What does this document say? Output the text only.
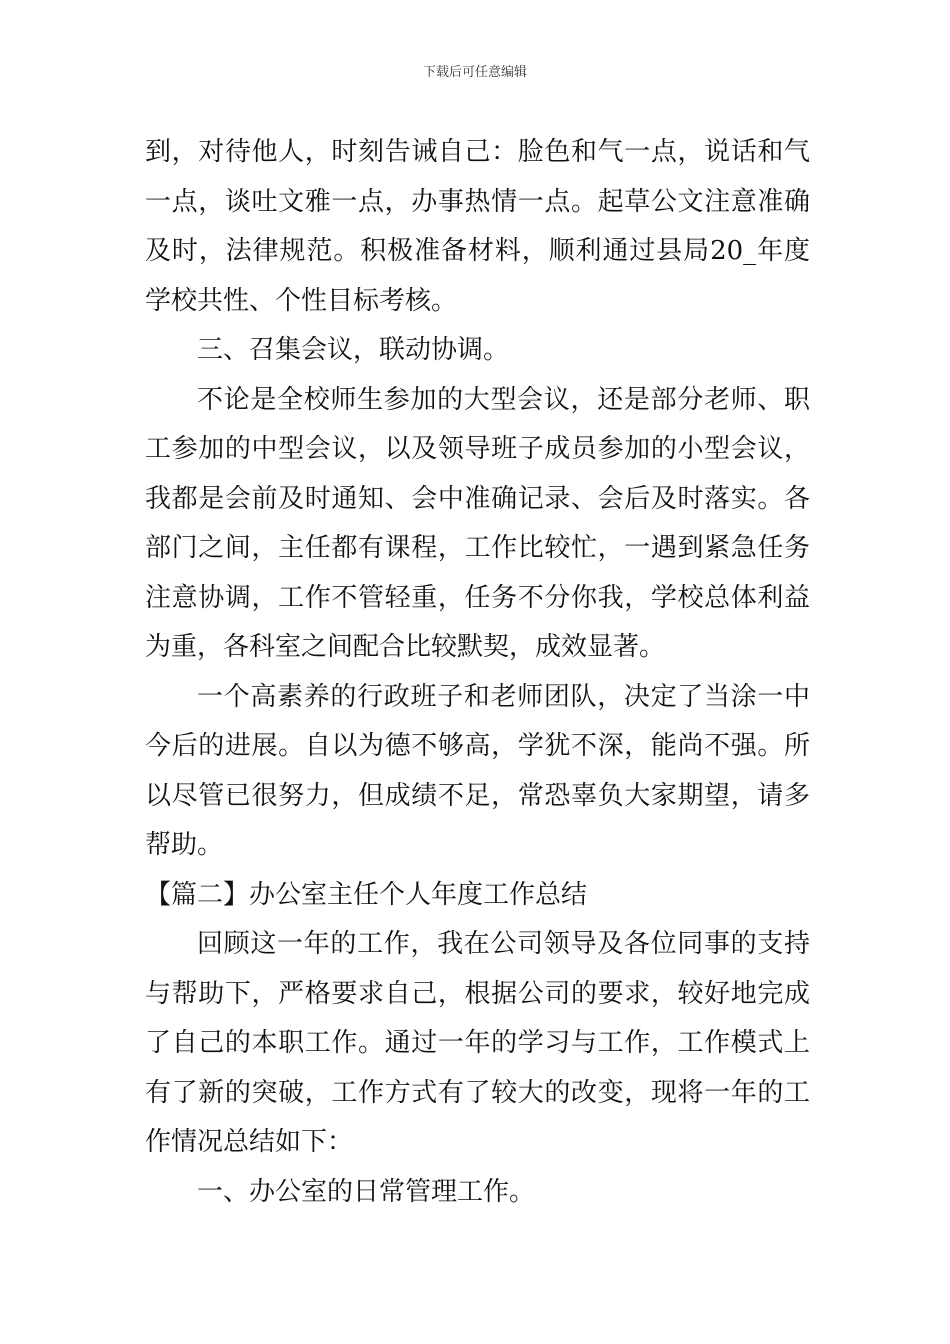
下载后可任意编辑

到，对待他人，时刻告诫自己：脸色和气一点，说话和气一点，谈吐文雅一点，办事热情一点。起草公文注意准确及时，法律规范。积极准备材料，顺利通过县局20_年度学校共性、个性目标考核。

三、召集会议，联动协调。

不论是全校师生参加的大型会议，还是部分老师、职工参加的中型会议，以及领导班子成员参加的小型会议，我都是会前及时通知、会中准确记录、会后及时落实。各部门之间，主任都有课程，工作比较忙，一遇到紧急任务注意协调，工作不管轻重，任务不分你我，学校总体利益为重，各科室之间配合比较默契，成效显著。

一个高素养的行政班子和老师团队，决定了当涂一中今后的进展。自以为德不够高，学犹不深，能尚不强。所以尽管已很努力，但成绩不足，常恐辜负大家期望，请多帮助。

【篇二】办公室主任个人年度工作总结

回顾这一年的工作，我在公司领导及各位同事的支持与帮助下，严格要求自己，根据公司的要求，较好地完成了自己的本职工作。通过一年的学习与工作，工作模式上有了新的突破，工作方式有了较大的改变，现将一年的工作情况总结如下：

一、办公室的日常管理工作。
